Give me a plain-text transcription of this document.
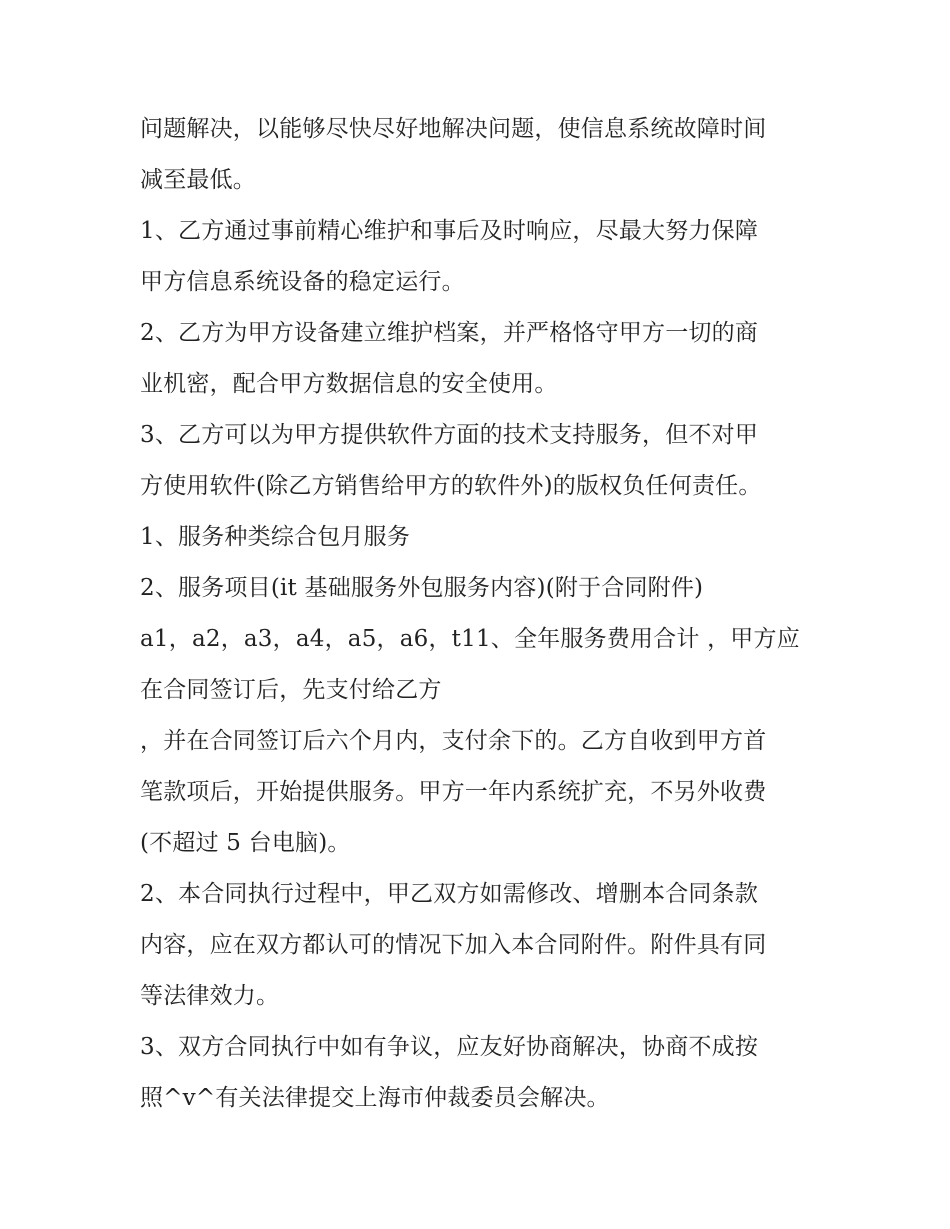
问题解决，以能够尽快尽好地解决问题，使信息系统故障时间
减至最低。
1、乙方通过事前精心维护和事后及时响应，尽最大努力保障
甲方信息系统设备的稳定运行。
2、乙方为甲方设备建立维护档案，并严格恪守甲方一切的商
业机密，配合甲方数据信息的安全使用。
3、乙方可以为甲方提供软件方面的技术支持服务，但不对甲
方使用软件(除乙方销售给甲方的软件外)的版权负任何责任。
1、服务种类综合包月服务
2、服务项目(it 基础服务外包服务内容)(附于合同附件)
a1，a2，a3，a4，a5，a6，t11、全年服务费用合计 ，甲方应
在合同签订后，先支付给乙方
，并在合同签订后六个月内，支付余下的。乙方自收到甲方首
笔款项后，开始提供服务。甲方一年内系统扩充，不另外收费
(不超过 5 台电脑)。
2、本合同执行过程中，甲乙双方如需修改、增删本合同条款
内容，应在双方都认可的情况下加入本合同附件。附件具有同
等法律效力。
3、双方合同执行中如有争议，应友好协商解决，协商不成按
照^v^有关法律提交上海市仲裁委员会解决。
